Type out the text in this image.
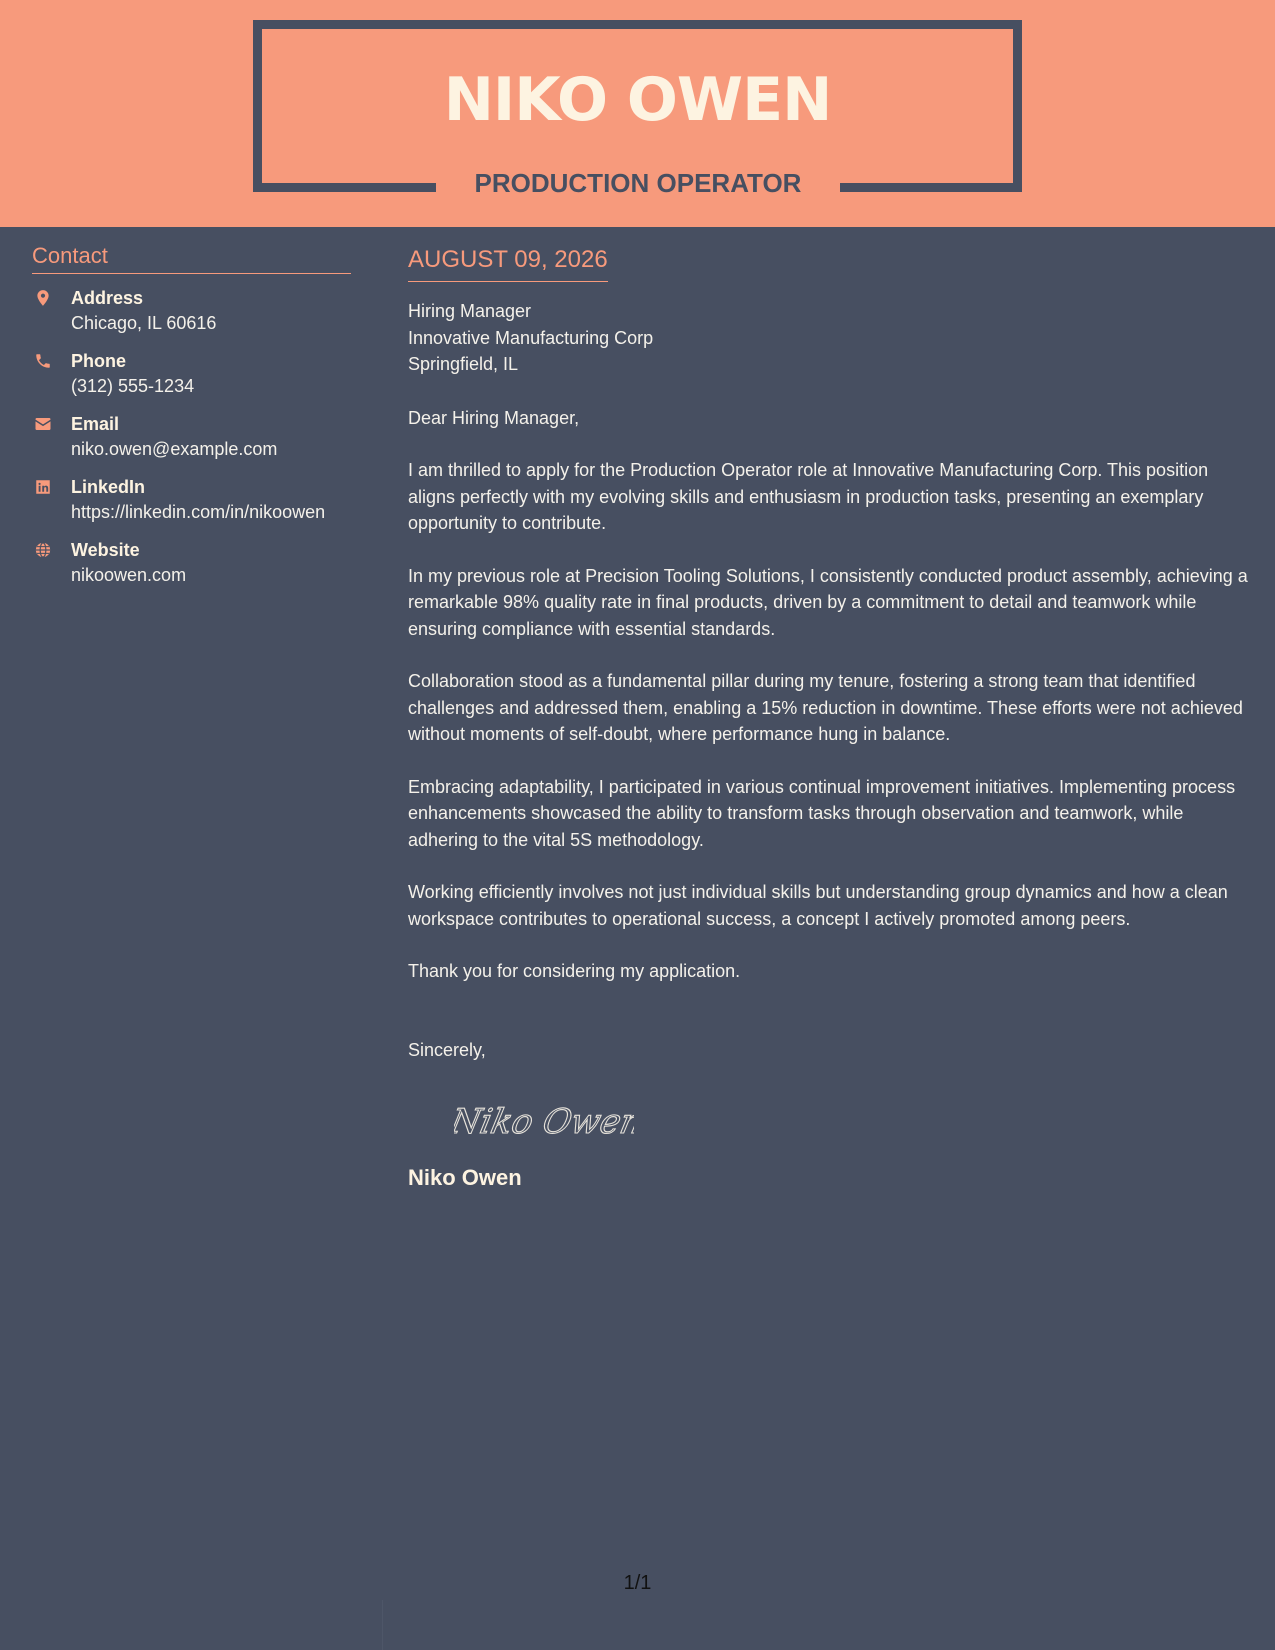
NIKO OWEN
PRODUCTION OPERATOR
Contact
Address
Chicago, IL 60616
Phone
(312) 555-1234
Email
niko.owen@example.com
LinkedIn
https://linkedin.com/in/nikoowen
Website
nikoowen.com
AUGUST 09, 2026
Hiring Manager
Innovative Manufacturing Corp
Springfield, IL
Dear Hiring Manager,
I am thrilled to apply for the Production Operator role at Innovative Manufacturing Corp. This position aligns perfectly with my evolving skills and enthusiasm in production tasks, presenting an exemplary opportunity to contribute.
In my previous role at Precision Tooling Solutions, I consistently conducted product assembly, achieving a remarkable 98% quality rate in final products, driven by a commitment to detail and teamwork while ensuring compliance with essential standards.
Collaboration stood as a fundamental pillar during my tenure, fostering a strong team that identified challenges and addressed them, enabling a 15% reduction in downtime. These efforts were not achieved without moments of self-doubt, where performance hung in balance.
Embracing adaptability, I participated in various continual improvement initiatives. Implementing process enhancements showcased the ability to transform tasks through observation and teamwork, while adhering to the vital 5S methodology.
Working efficiently involves not just individual skills but understanding group dynamics and how a clean workspace contributes to operational success, a concept I actively promoted among peers.
Thank you for considering my application.
Sincerely,
Niko Owen
Niko Owen
1/1
